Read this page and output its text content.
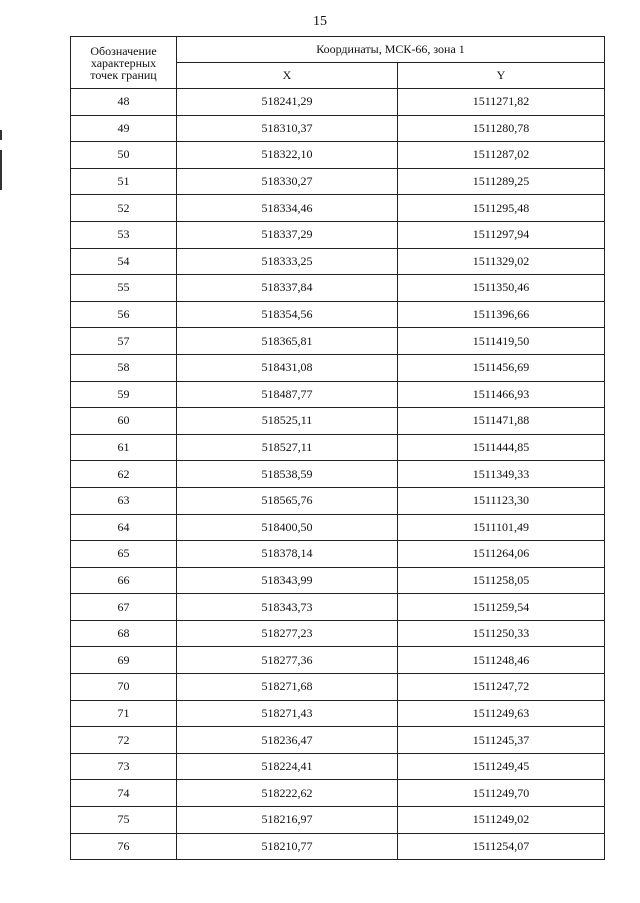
15
Обозначение
характерных
точек границ	Координаты, МСК-66, зона 1	
	X	Y
48	518241,29	1511271,82
49	518310,37	1511280,78
50	518322,10	1511287,02
51	518330,27	1511289,25
52	518334,46	1511295,48
53	518337,29	1511297,94
54	518333,25	1511329,02
55	518337,84	1511350,46
56	518354,56	1511396,66
57	518365,81	1511419,50
58	518431,08	1511456,69
59	518487,77	1511466,93
60	518525,11	1511471,88
61	518527,11	1511444,85
62	518538,59	1511349,33
63	518565,76	1511123,30
64	518400,50	1511101,49
65	518378,14	1511264,06
66	518343,99	1511258,05
67	518343,73	1511259,54
68	518277,23	1511250,33
69	518277,36	1511248,46
70	518271,68	1511247,72
71	518271,43	1511249,63
72	518236,47	1511245,37
73	518224,41	1511249,45
74	518222,62	1511249,70
75	518216,97	1511249,02
76	518210,77	1511254,07
